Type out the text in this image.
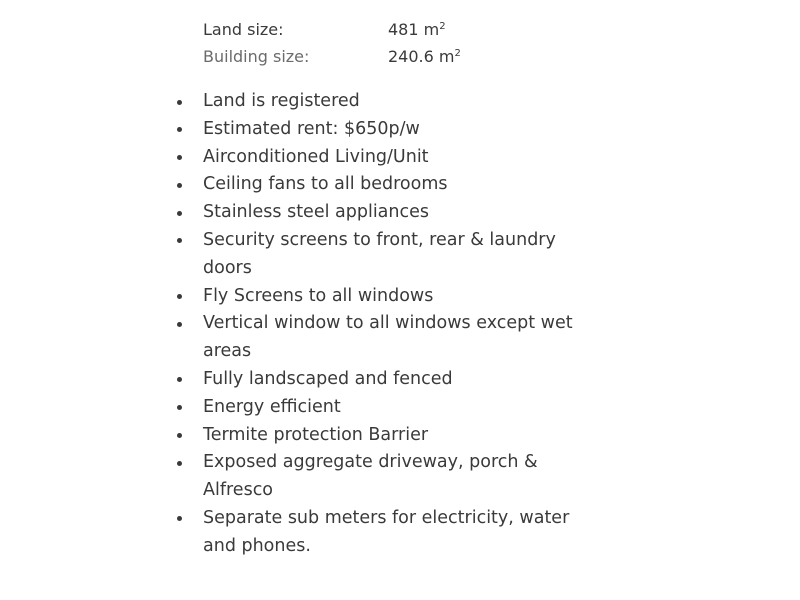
Land size:	481 $m^2$
Building size:	240.6 $m^2$
Land is registered
Estimated rent: $650p/w
Airconditioned Living/Unit
Ceiling fans to all bedrooms
Stainless steel appliances
Security screens to front, rear & laundry doors
Fly Screens to all windows
Vertical window to all windows except wet areas
Fully landscaped and fenced
Energy efficient
Termite protection Barrier
Exposed aggregate driveway, porch & Alfresco
Separate sub meters for electricity, water and phones.
